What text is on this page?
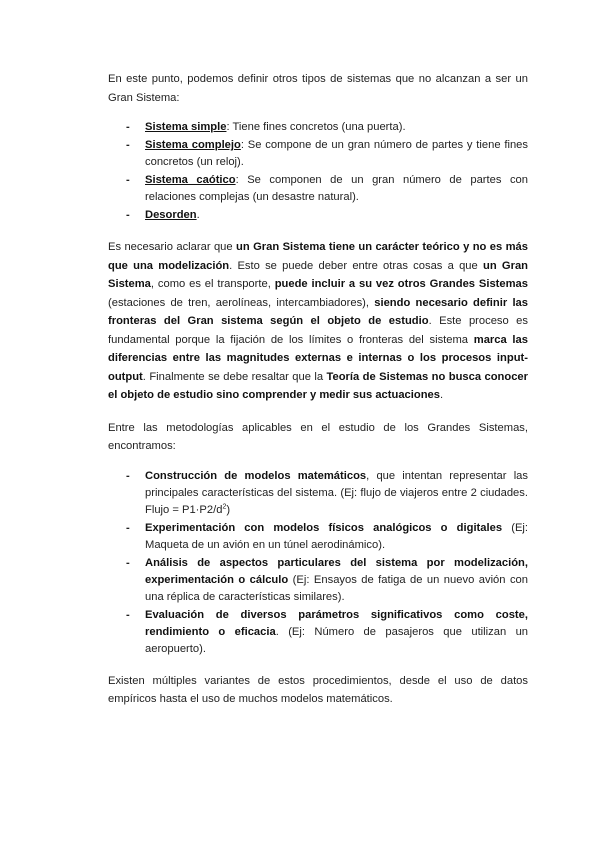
En este punto, podemos definir otros tipos de sistemas que no alcanzan a ser un Gran Sistema:

- Sistema simple: Tiene fines concretos (una puerta).
- Sistema complejo: Se compone de un gran número de partes y tiene fines concretos (un reloj).
- Sistema caótico: Se componen de un gran número de partes con relaciones complejas (un desastre natural).
- Desorden.

Es necesario aclarar que un Gran Sistema tiene un carácter teórico y no es más que una modelización. Esto se puede deber entre otras cosas a que un Gran Sistema, como es el transporte, puede incluir a su vez otros Grandes Sistemas (estaciones de tren, aerolíneas, intercambiadores), siendo necesario definir las fronteras del Gran sistema según el objeto de estudio. Este proceso es fundamental porque la fijación de los límites o fronteras del sistema marca las diferencias entre las magnitudes externas e internas o los procesos input-output. Finalmente se debe resaltar que la Teoría de Sistemas no busca conocer el objeto de estudio sino comprender y medir sus actuaciones.

Entre las metodologías aplicables en el estudio de los Grandes Sistemas, encontramos:

- Construcción de modelos matemáticos, que intentan representar las principales características del sistema. (Ej: flujo de viajeros entre 2 ciudades. Flujo = $P1\cdot P2/d^2$)
- Experimentación con modelos físicos analógicos o digitales (Ej: Maqueta de un avión en un túnel aerodinámico).
- Análisis de aspectos particulares del sistema por modelización, experimentación o cálculo (Ej: Ensayos de fatiga de un nuevo avión con una réplica de características similares).
- Evaluación de diversos parámetros significativos como coste, rendimiento o eficacia. (Ej: Número de pasajeros que utilizan un aeropuerto).

Existen múltiples variantes de estos procedimientos, desde el uso de datos empíricos hasta el uso de muchos modelos matemáticos.
